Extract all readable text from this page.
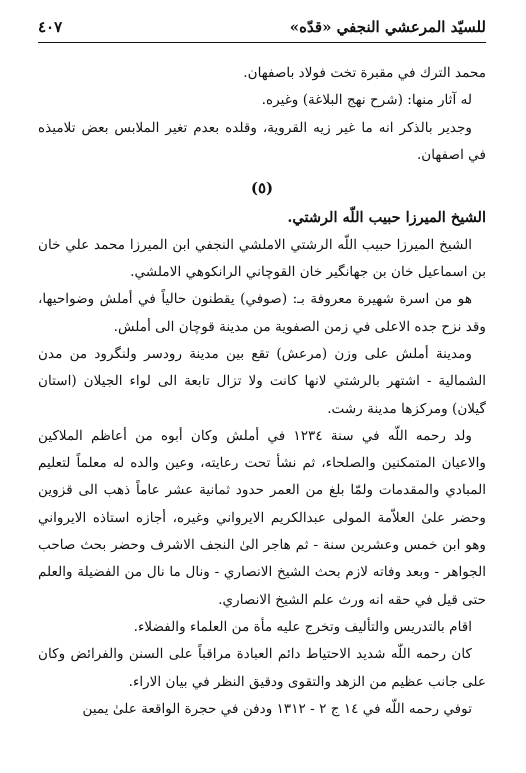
للسيّد المرعشي النجفي «قدّه»
٤٠٧

محمد الترك في مقبرة تخت فولاد باصفهان.

له آثار منها: (شرح نهج البلاغة) وغيره.

وجدير بالذكر انه ما غير زيه القروية، وقلده بعدم تغير الملابس بعض تلاميذه في اصفهان.

(٥)

الشيخ الميرزا حبيب اللّه الرشتي.

الشيخ الميرزا حبيب اللّه الرشتي الاملشي النجفي ابن الميرزا محمد علي خان بن اسماعيل خان بن جهانگير خان القوچاني الرانكوهي الاملشي.

هو من اسرة شهيرة معروفة بـ: (صوفي) يقطنون حالياً في أملش وضواحيها، وقد نزح جده الاعلى في زمن الصفوية من مدينة قوچان الى أملش.

ومدينة أملش على وزن (مرعش) تقع بين مدينة رودسر ولنگرود من مدن الشمالية - اشتهر بالرشتي لانها كانت ولا تزال تابعة الى لواء الجيلان (استان گيلان) ومركزها مدينة رشت.

ولد رحمه اللّه في سنة ١٢٣٤ في أملش وكان أبوه من أعاظم الملاكين والاعيان المتمكنين والصلحاء، ثم نشأ تحت رعايته، وعين والده له معلماً لتعليم المبادي والمقدمات ولمّا بلغ من العمر حدود ثمانية عشر عاماً ذهب الى قزوين وحضر علىٰ العلاّمة المولى عبدالكريم الايرواني وغيره، أجازه استاذه الايرواني وهو ابن خمس وعشرين سنة - ثم هاجر الىٰ النجف الاشرف وحضر بحث صاحب الجواهر - وبعد وفاته لازم بحث الشيخ الانصاري - ونال ما نال من الفضيلة والعلم حتى قيل في حقه انه ورث علم الشيخ الانصاري.

اقام بالتدريس والتأليف وتخرج عليه مأة من العلماء والفضلاء.

كان رحمه اللّه شديد الاحتياط دائم العبادة مراقباً على السنن والفرائض وكان على جانب عظيم من الزهد والتقوى ودقيق النظر في بيان الاراء.

توفي رحمه اللّه في ١٤ ج ٢ - ١٣١٢ ودفن في حجرة الواقعة علىٰ يمين
